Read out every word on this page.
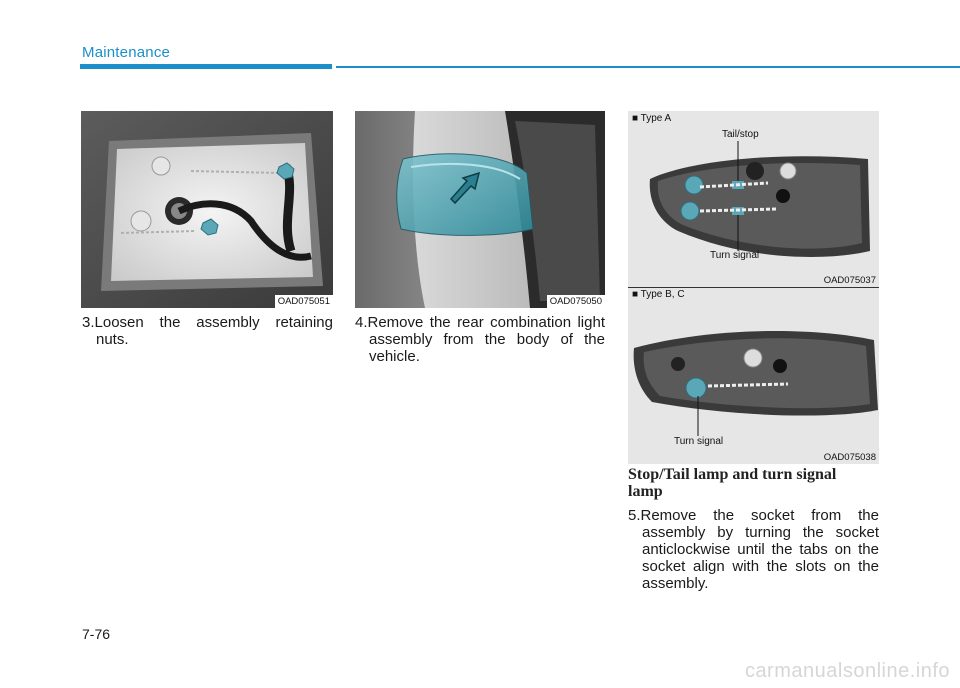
Maintenance
OAD075051	OAD075050
■ Type A
Tail/stop
Turn signal
OAD075037
■ Type B, C
Turn signal
OAD075038
3.Loosen the assembly retaining
nuts.
4.Remove the rear combination light
assembly from the body of the
vehicle.
Stop/Tail lamp and turn signal
lamp
5.Remove the socket from the
assembly by turning the socket
anticlockwise until the tabs on the
socket align with the slots on the
assembly.
7-76
carmanualsonline.info
